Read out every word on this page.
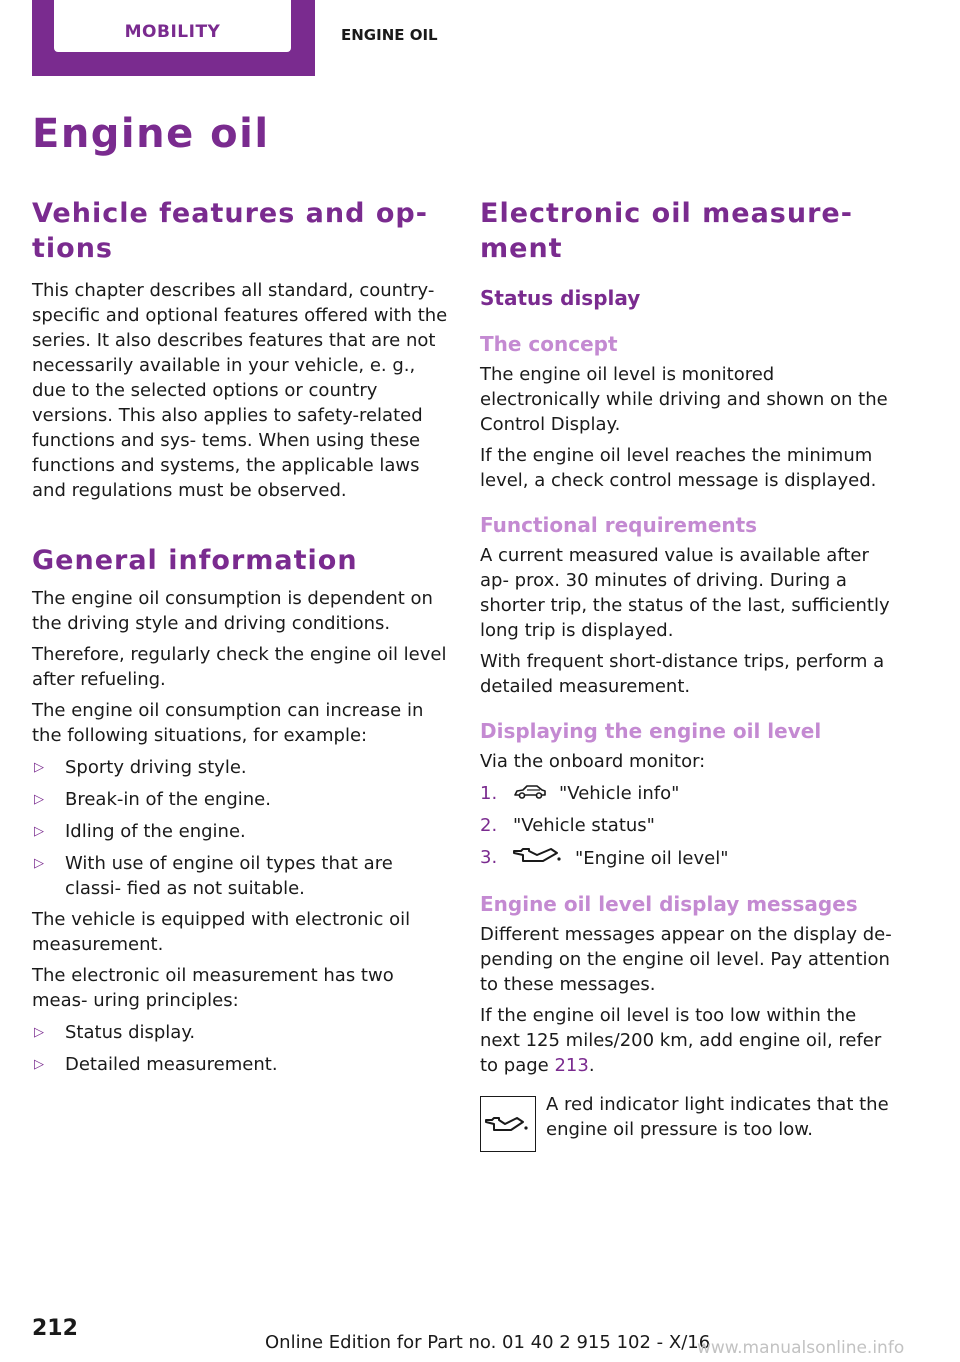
MOBILITY	ENGINE OIL
Engine oil
Vehicle features and op‐ tions

This chapter describes all standard, country-specific and optional features offered with the series. It also describes features that are not necessarily available in your vehicle, e. g., due to the selected options or country versions. This also applies to safety-related functions and sys‐ tems. When using these functions and systems, the applicable laws and regulations must be observed.

General information

The engine oil consumption is dependent on the driving style and driving conditions.

Therefore, regularly check the engine oil level after refueling.

The engine oil consumption can increase in the following situations, for example:

▷ Sporty driving style.
▷ Break-in of the engine.
▷ Idling of the engine.
▷ With use of engine oil types that are classi‐ fied as not suitable.

The vehicle is equipped with electronic oil measurement.

The electronic oil measurement has two meas‐ uring principles:

▷ Status display.
▷ Detailed measurement.
Electronic oil measure‐ ment
Status display
The concept

The engine oil level is monitored electronically while driving and shown on the Control Display.

If the engine oil level reaches the minimum level, a check control message is displayed.

Functional requirements

A current measured value is available after ap‐ prox. 30 minutes of driving. During a shorter trip, the status of the last, sufficiently long trip is displayed.

With frequent short-distance trips, perform a detailed measurement.

Displaying the engine oil level

Via the onboard monitor:

1.	"Vehicle info"
2. "Vehicle status"
3.	"Engine oil level"
Engine oil level display messages

Different messages appear on the display de‐ pending on the engine oil level. Pay attention to these messages.

If the engine oil level is too low within the next 125 miles/200 km, add engine oil, refer to page 213.

A red indicator light indicates that the engine oil pressure is too low.

212
Online Edition for Part no. 01 40 2 915 102 - X/16
www.manualsonline.info
